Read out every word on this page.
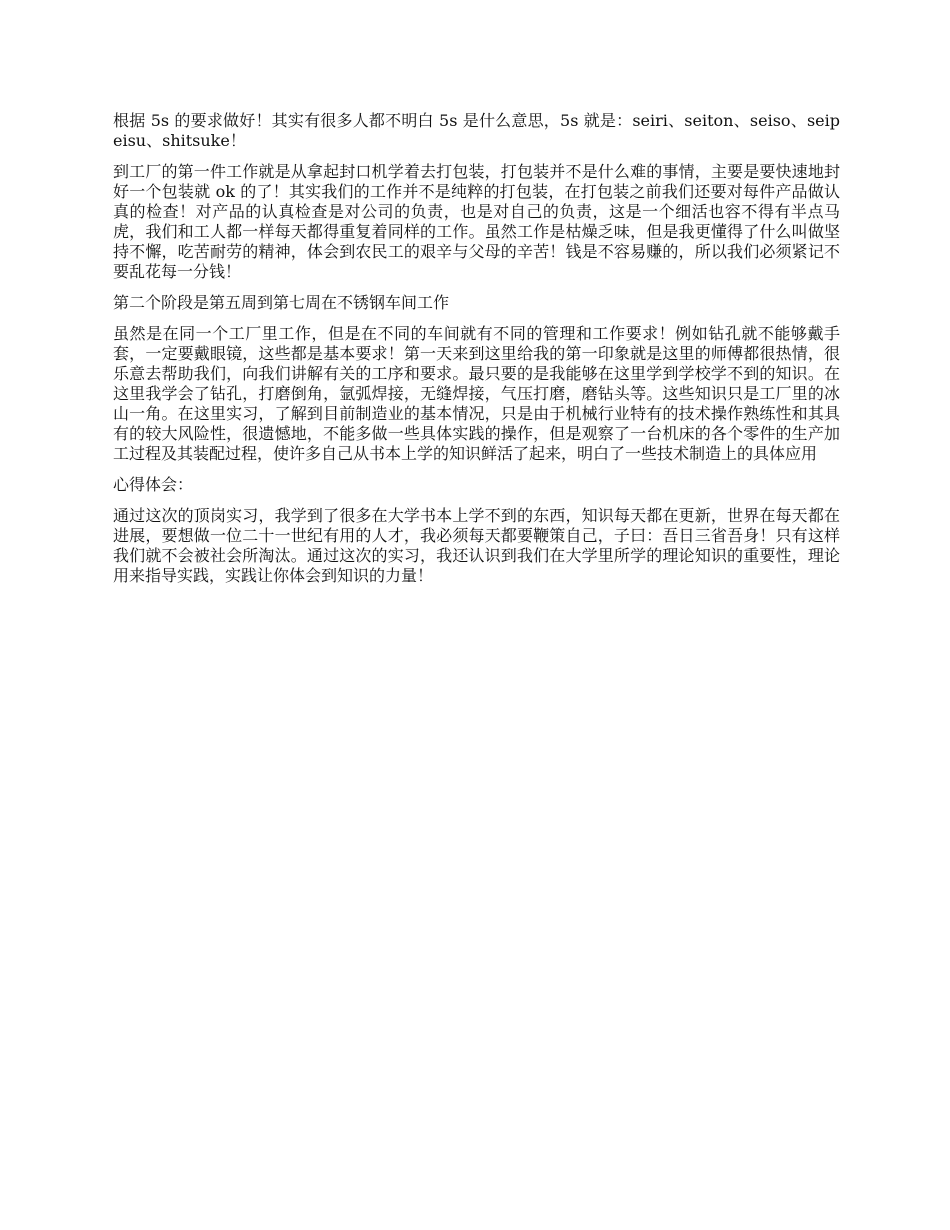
根据 5s 的要求做好！其实有很多人都不明白 5s 是什么意思，5s 就是：seiri、seiton、seiso、seipeisu、shitsuke！

到工厂的第一件工作就是从拿起封口机学着去打包装，打包装并不是什么难的事情，主要是要快速地封好一个包装就 ok 的了！其实我们的工作并不是纯粹的打包装，在打包装之前我们还要对每件产品做认真的检查！对产品的认真检查是对公司的负责，也是对自己的负责，这是一个细活也容不得有半点马虎，我们和工人都一样每天都得重复着同样的工作。虽然工作是枯燥乏味，但是我更懂得了什么叫做坚持不懈，吃苦耐劳的精神，体会到农民工的艰辛与父母的辛苦！钱是不容易赚的，所以我们必须紧记不要乱花每一分钱！

第二个阶段是第五周到第七周在不锈钢车间工作

虽然是在同一个工厂里工作，但是在不同的车间就有不同的管理和工作要求！例如钻孔就不能够戴手套，一定要戴眼镜，这些都是基本要求！第一天来到这里给我的第一印象就是这里的师傅都很热情，很乐意去帮助我们，向我们讲解有关的工序和要求。最只要的是我能够在这里学到学校学不到的知识。在这里我学会了钻孔，打磨倒角，氩弧焊接，无缝焊接，气压打磨，磨钻头等。这些知识只是工厂里的冰山一角。在这里实习，了解到目前制造业的基本情况，只是由于机械行业特有的技术操作熟练性和其具有的较大风险性，很遗憾地，不能多做一些具体实践的操作，但是观察了一台机床的各个零件的生产加工过程及其装配过程，使许多自己从书本上学的知识鲜活了起来，明白了一些技术制造上的具体应用

心得体会：

通过这次的顶岗实习，我学到了很多在大学书本上学不到的东西，知识每天都在更新，世界在每天都在进展，要想做一位二十一世纪有用的人才，我必须每天都要鞭策自己，子曰：吾日三省吾身！只有这样我们就不会被社会所淘汰。通过这次的实习，我还认识到我们在大学里所学的理论知识的重要性，理论用来指导实践，实践让你体会到知识的力量！
